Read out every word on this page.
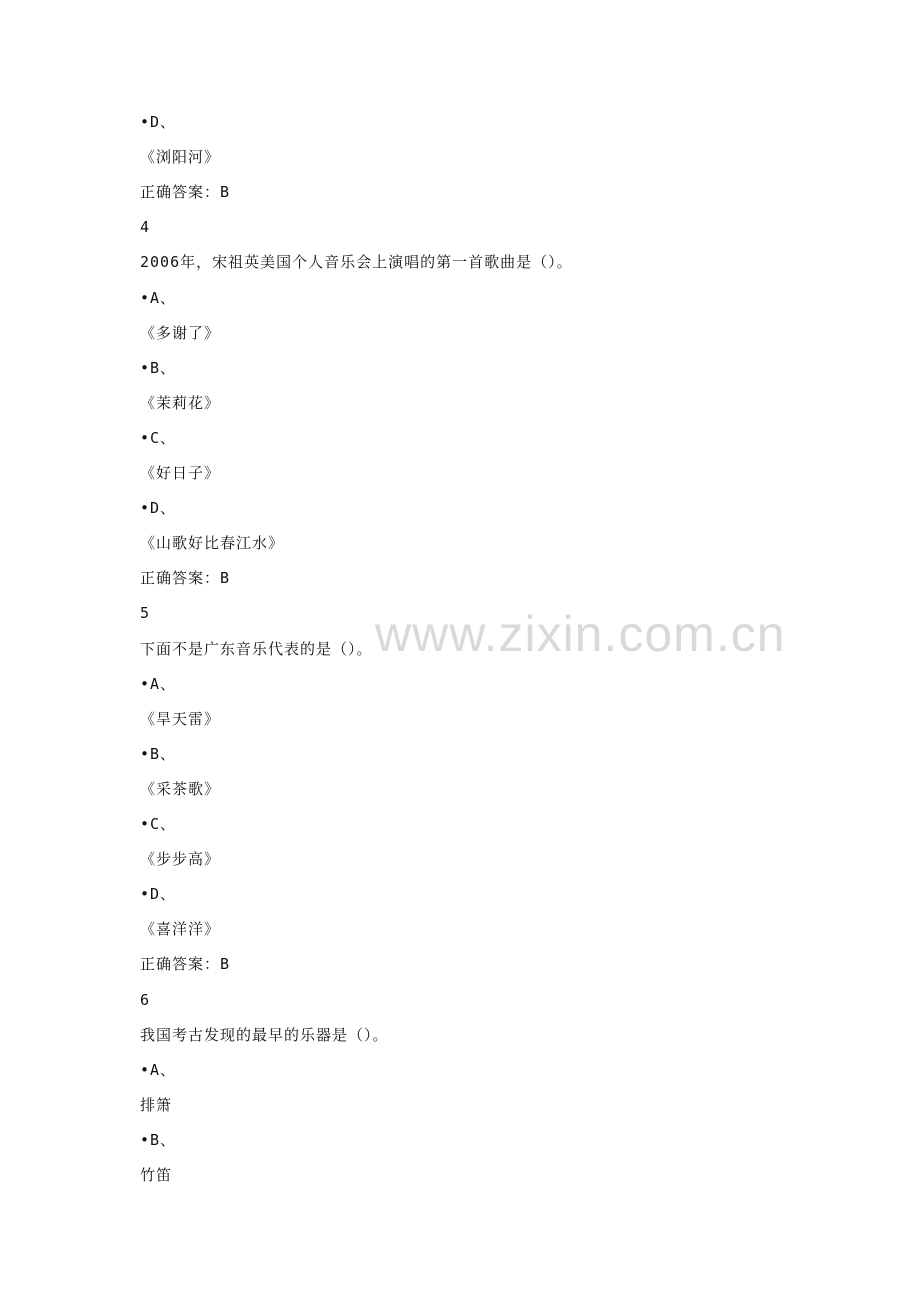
www.zixin.com.cn
•D、
《浏阳河》
正确答案：B
4
2006年，宋祖英美国个人音乐会上演唱的第一首歌曲是（）。
•A、
《多谢了》
•B、
《茉莉花》
•C、
《好日子》
•D、
《山歌好比春江水》
正确答案：B
5
下面不是广东音乐代表的是（）。
•A、
《旱天雷》
•B、
《采茶歌》
•C、
《步步高》
•D、
《喜洋洋》
正确答案：B
6
我国考古发现的最早的乐器是（）。
•A、
排箫
•B、
竹笛
